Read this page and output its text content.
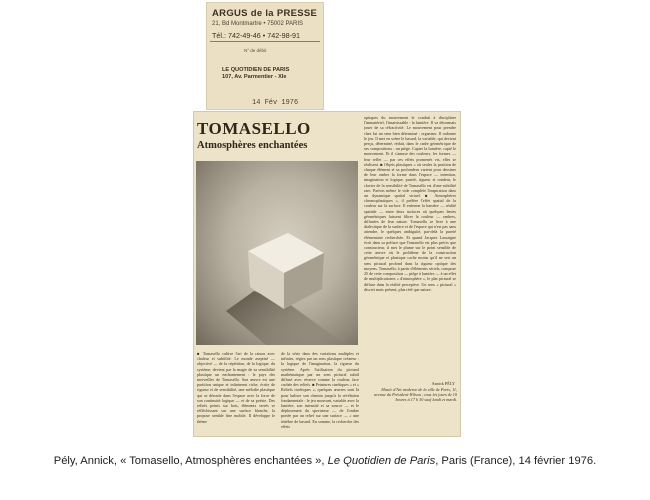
ARGUS de la PRESSE
21, Bd Montmartre • 75002 PARIS
Tél.: 742-49-46 • 742-98-91
N° de débit
LE QUOTIDIEN DE PARIS
107, Av. Parmentier - XIe
14 Fév 1976
TOMASELLO
Atmosphères enchantées
■ Tomasello cultive l'art de la raison avec chaleur et subtilité. Le monde aseptisé — objectivé — de la répétition, de la logique, du système, devient par la magie de sa sensibilité plastique un enchantement : le pays des merveilles de Tomasello. Son œuvre est une partition unique et infiniment riche, écrite de rigueur et de sensibilité, une mélodie plastique qui se déroule dans l'espace avec la force de son continuité logique — et de sa poésie. Des reliefs peints sur bois, éléments serrés se réfléchissant sur une surface blanche, la propose semble fine mobile. Il développe le thème
de la série dans des variations multiples et infinies, régies par un sens plastique créateur : la logique de l'imagination, la rigueur du système. Après l'utilisation du pictural mathématique par un sens pictural subtil diffusé avec réserve comme la couleur, face cachée des reliefs. ■ Peintures cinétiques « et » Reliefs cinétiques », quelques œuvres sont là pour baliser son chemin jusqu'à la révélation fondamentale : le jeu mouvant, variable avec la lumière, son intensité et sa source — et le déplacement du spectateur — de l'ombre portée par un relief sur une surface — « une ténèbre de hasard. En somme, la recherche des effets
optiques du mouvement le conduit à discipliner l'immatériel, l'insaisissable : la lumière. Il va désormais jouer de sa réfractivité. Le mouvement pour prendre chez lui un sens bien déterminé : organiser. Il ordonne le jeu. Il met en scène le hasard, la variable, qui devient perçu, déterminé, réduit, dans le cadre géométrique de ses compositions : un piège. Capter la lumière, capté le mouvement. Et il s'amuse des couleurs, les formes — leur reflet — par ces effets promenés vis, elles se réalisent. ■ Objets plastiques » où seules la position de chaque élément et sa profondeur varient pour dessiner de leur ombre la forme dans l'espace — intention, imagination et logique, pureté, rigueur et rondeur, le clavier de la sensibilité de Tomasello est d'une subtilité rare. Parfois même le vide complète l'inspiration dans un dynamique spatial virtuel. ■ Atmosphères chromoplastiques », il préfère l'effet spatial de la couleur sur la surface. Il enferme la lumière — réalité spatiale — entre deux surfaces où quelques lentes géométriques laissent filtrer la couleur — ombres, diffusées de leur nature. Tomasello se livre à une dialectique de la surface et de l'espace qui n'est pas sans attendre, le quelques ambiguïté, par-delà la pureté élémentaire recherchée. Et quand Jacques Lassaigne écrit dans sa préface que Tomasello est plus précis que constructeur, il met le plume sur le point sensible de cette œuvre où le problème de la construction géométrique et plastique cache moins qu'il ne sert un sens pictural profond dans la rigueur optique des moyens. Tomasello, à partir d'éléments sériels, compose 25 de cette composition — piège à lumière — à un effet de multiplicationes « d'atmosphère », le plat pictural se diffuse dans la réalité perceptive. Un sens « pictural » discret mais présent, plus réel que nature.
Annick PÉLY
Musée d'Art moderne de la ville de Paris, 11, avenue du Président-Wilson ; tous les jours de 10 heures à 17 h 30 sauf lundi et mardi.
Pély, Annick, « Tomasello, Atmosphères enchantées », Le Quotidien de Paris, Paris (France), 14 février 1976.
